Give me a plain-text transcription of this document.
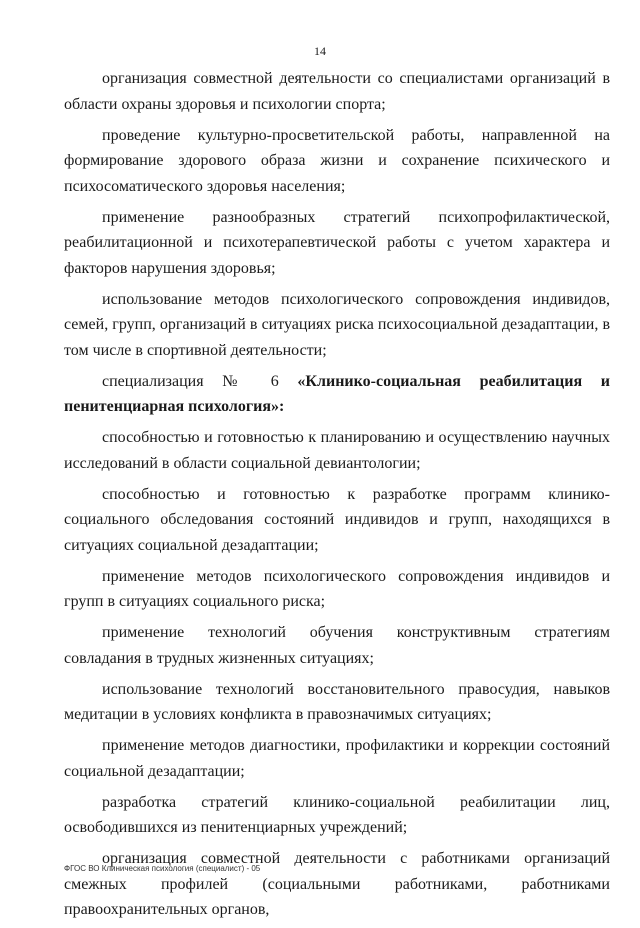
14

организация совместной деятельности со специалистами организаций в области охраны здоровья и психологии спорта;

проведение культурно-просветительской работы, направленной на формирование здорового образа жизни и сохранение психического и психосоматического здоровья населения;

применение разнообразных стратегий психопрофилактической, реабилитационной и психотерапевтической работы с учетом характера и факторов нарушения здоровья;

использование методов психологического сопровождения индивидов, семей, групп, организаций в ситуациях риска психосоциальной дезадаптации, в том числе в спортивной деятельности;

специализация № 6 «Клинико-социальная реабилитация и пенитенциарная психология»:

способностью и готовностью к планированию и осуществлению научных исследований в области социальной девиантологии;

способностью и готовностью к разработке программ клинико-социального обследования состояний индивидов и групп, находящихся в ситуациях социальной дезадаптации;

применение методов психологического сопровождения индивидов и групп в ситуациях социального риска;

применение технологий обучения конструктивным стратегиям совладания в трудных жизненных ситуациях;

использование технологий восстановительного правосудия, навыков медитации в условиях конфликта в правозначимых ситуациях;

применение методов диагностики, профилактики и коррекции состояний социальной дезадаптации;

разработка стратегий клинико-социальной реабилитации лиц, освободившихся из пенитенциарных учреждений;

организация совместной деятельности с работниками организаций смежных профилей (социальными работниками, работниками правоохранительных органов,

ФГОС ВО Клиническая психология (специалист) - 05
